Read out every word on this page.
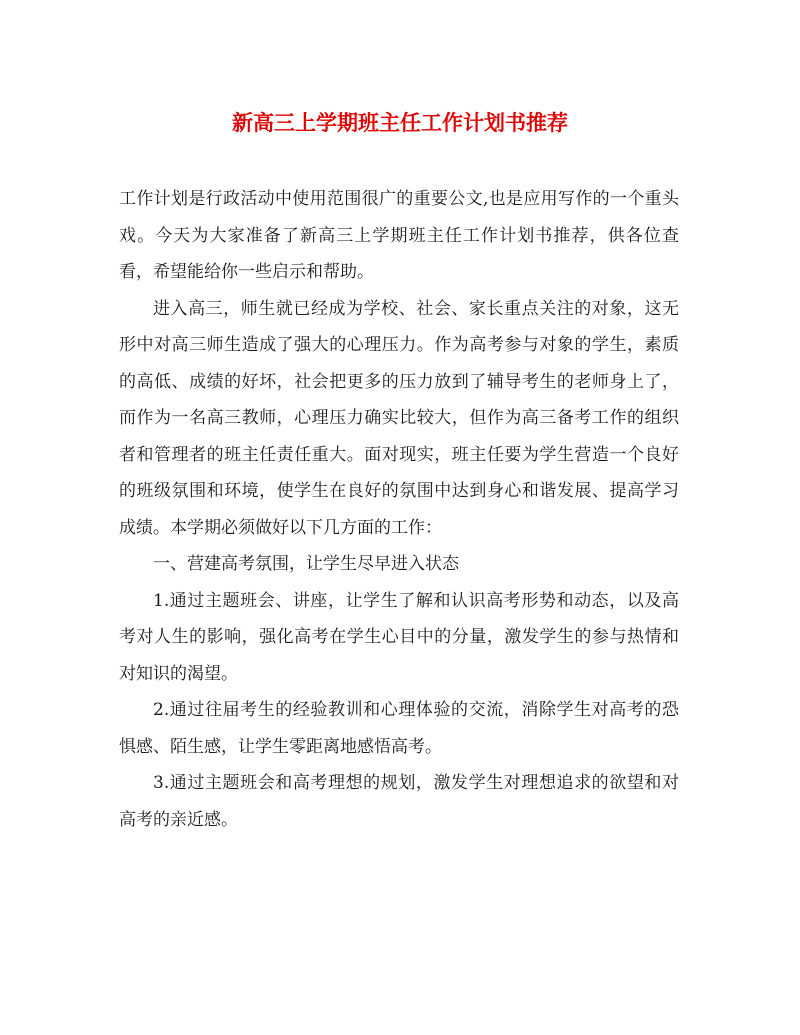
新高三上学期班主任工作计划书推荐

工作计划是行政活动中使用范围很广的重要公文,也是应用写作的一个重头戏。今天为大家准备了新高三上学期班主任工作计划书推荐，供各位查看，希望能给你一些启示和帮助。

进入高三，师生就已经成为学校、社会、家长重点关注的对象，这无形中对高三师生造成了强大的心理压力。作为高考参与对象的学生，素质的高低、成绩的好坏，社会把更多的压力放到了辅导考生的老师身上了，而作为一名高三教师，心理压力确实比较大，但作为高三备考工作的组织者和管理者的班主任责任重大。面对现实，班主任要为学生营造一个良好的班级氛围和环境，使学生在良好的氛围中达到身心和谐发展、提高学习成绩。本学期必须做好以下几方面的工作：

一、营建高考氛围，让学生尽早进入状态

1.通过主题班会、讲座，让学生了解和认识高考形势和动态，以及高考对人生的影响，强化高考在学生心目中的分量，激发学生的参与热情和对知识的渴望。

2.通过往届考生的经验教训和心理体验的交流，消除学生对高考的恐惧感、陌生感，让学生零距离地感悟高考。

3.通过主题班会和高考理想的规划，激发学生对理想追求的欲望和对高考的亲近感。
